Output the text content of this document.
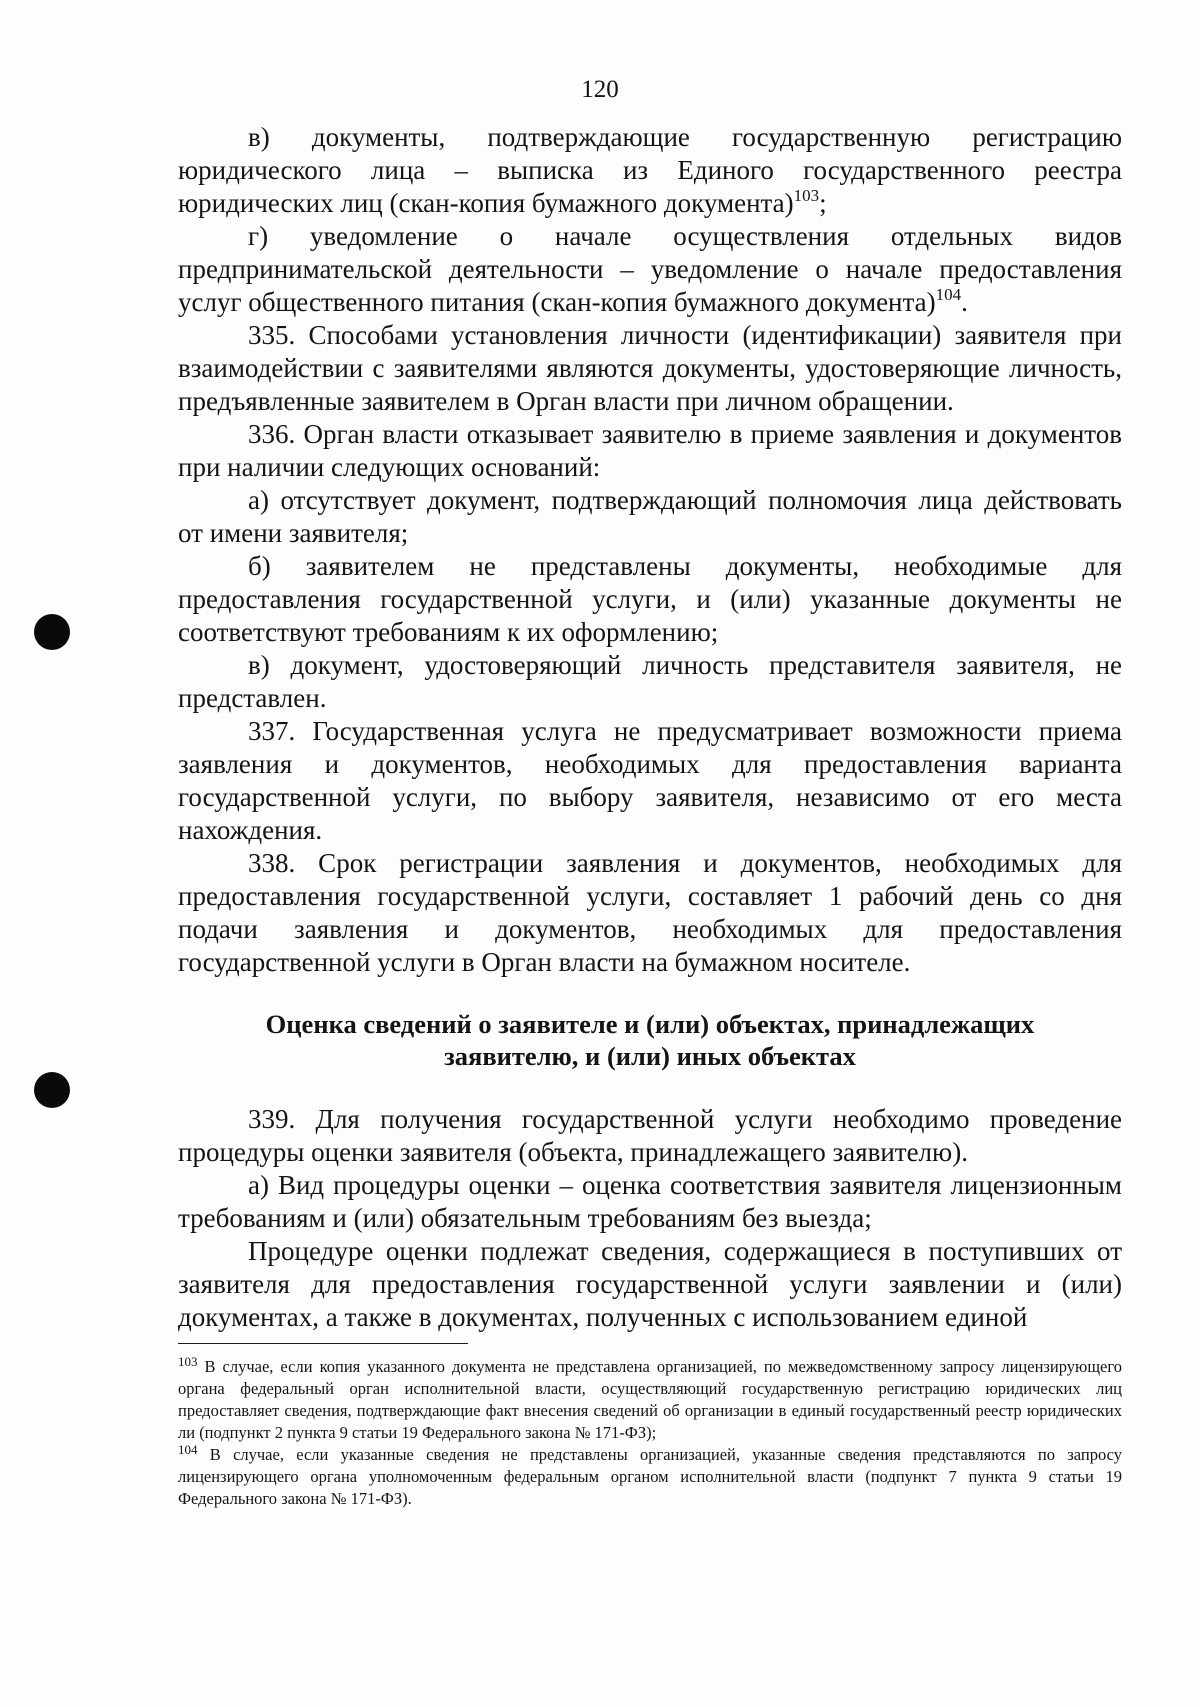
120

в) документы, подтверждающие государственную регистрацию юридического лица – выписка из Единого государственного реестра юридических лиц (скан-копия бумажного документа)$^{103}$;

г) уведомление о начале осуществления отдельных видов предпринимательской деятельности – уведомление о начале предоставления услуг общественного питания (скан-копия бумажного документа)$^{104}$.

335. Способами установления личности (идентификации) заявителя при взаимодействии с заявителями являются документы, удостоверяющие личность, предъявленные заявителем в Орган власти при личном обращении.

336. Орган власти отказывает заявителю в приеме заявления и документов при наличии следующих оснований:

а) отсутствует документ, подтверждающий полномочия лица действовать от имени заявителя;

б) заявителем не представлены документы, необходимые для предоставления государственной услуги, и (или) указанные документы не соответствуют требованиям к их оформлению;

в) документ, удостоверяющий личность представителя заявителя, не представлен.

337. Государственная услуга не предусматривает возможности приема заявления и документов, необходимых для предоставления варианта государственной услуги, по выбору заявителя, независимо от его места нахождения.

338. Срок регистрации заявления и документов, необходимых для предоставления государственной услуги, составляет 1 рабочий день со дня подачи заявления и документов, необходимых для предоставления государственной услуги в Орган власти на бумажном носителе.

Оценка сведений о заявителе и (или) объектах, принадлежащих
заявителю, и (или) иных объектах

339. Для получения государственной услуги необходимо проведение процедуры оценки заявителя (объекта, принадлежащего заявителю).

а) Вид процедуры оценки – оценка соответствия заявителя лицензионным требованиям и (или) обязательным требованиям без выезда;

Процедуре оценки подлежат сведения, содержащиеся в поступивших от заявителя для предоставления государственной услуги заявлении и (или) документах, а также в документах, полученных с использованием единой

$^{103}$ В случае, если копия указанного документа не представлена организацией, по межведомственному запросу лицензирующего органа федеральный орган исполнительной власти, осуществляющий государственную регистрацию юридических лиц предоставляет сведения, подтверждающие факт внесения сведений об организации в единый государственный реестр юридических ли (подпункт 2 пункта 9 статьи 19 Федерального закона № 171-ФЗ);

$^{104}$ В случае, если указанные сведения не представлены организацией, указанные сведения представляются по запросу лицензирующего органа уполномоченным федеральным органом исполнительной власти (подпункт 7 пункта 9 статьи 19 Федерального закона № 171-ФЗ).
